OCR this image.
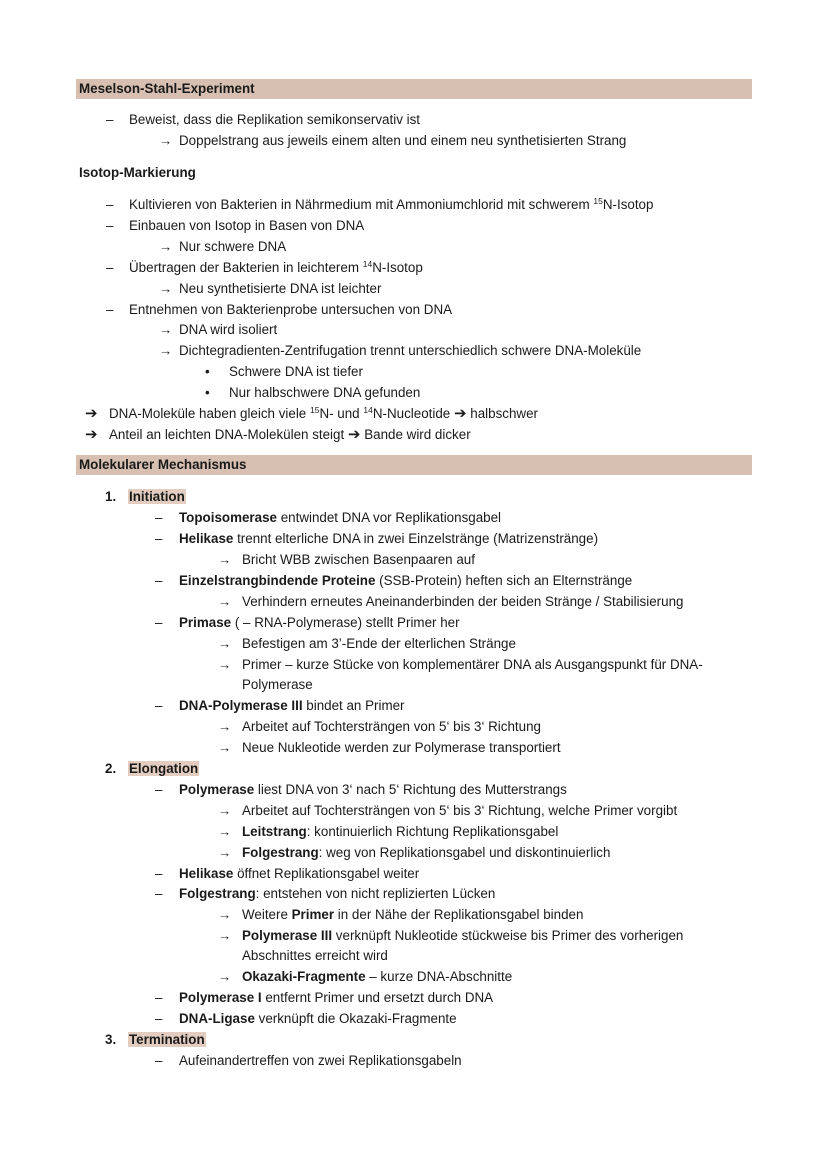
Meselson-Stahl-Experiment
– Beweist, dass die Replikation semikonservativ ist
→ Doppelstrang aus jeweils einem alten und einem neu synthetisierten Strang
Isotop-Markierung
– Kultivieren von Bakterien in Nährmedium mit Ammoniumchlorid mit schwerem $^{15}$N-Isotop
– Einbauen von Isotop in Basen von DNA
→ Nur schwere DNA
– Übertragen der Bakterien in leichterem $^{14}$N-Isotop
→ Neu synthetisierte DNA ist leichter
– Entnehmen von Bakterienprobe untersuchen von DNA
→ DNA wird isoliert
→ Dichtegradienten-Zentrifugation trennt unterschiedlich schwere DNA-Moleküle
• Schwere DNA ist tiefer
• Nur halbschwere DNA gefunden
➔ DNA-Moleküle haben gleich viele $^{15}$N- und $^{14}$N-Nucleotide ➔ halbschwer
➔ Anteil an leichten DNA-Molekülen steigt ➔ Bande wird dicker
Molekularer Mechanismus
1. Initiation
– Topoisomerase entwindet DNA vor Replikationsgabel
– Helikase trennt elterliche DNA in zwei Einzelstränge (Matrizenstränge)
→ Bricht WBB zwischen Basenpaaren auf
– Einzelstrangbindende Proteine (SSB-Protein) heften sich an Elternstränge
→ Verhindern erneutes Aneinanderbinden der beiden Stränge / Stabilisierung
– Primase ( – RNA-Polymerase) stellt Primer her
→ Befestigen am 3’-Ende der elterlichen Stränge
→ Primer – kurze Stücke von komplementärer DNA als Ausgangspunkt für DNA-
Polymerase
– DNA-Polymerase III bindet an Primer
→ Arbeitet auf Tochtersträngen von 5‘ bis 3‘ Richtung
→ Neue Nukleotide werden zur Polymerase transportiert
2. Elongation
– Polymerase liest DNA von 3‘ nach 5‘ Richtung des Mutterstrangs
→ Arbeitet auf Tochtersträngen von 5‘ bis 3‘ Richtung, welche Primer vorgibt
→ Leitstrang: kontinuierlich Richtung Replikationsgabel
→ Folgestrang: weg von Replikationsgabel und diskontinuierlich
– Helikase öffnet Replikationsgabel weiter
– Folgestrang: entstehen von nicht replizierten Lücken
→ Weitere Primer in der Nähe der Replikationsgabel binden
→ Polymerase III verknüpft Nukleotide stückweise bis Primer des vorherigen
Abschnittes erreicht wird
→ Okazaki-Fragmente – kurze DNA-Abschnitte
– Polymerase I entfernt Primer und ersetzt durch DNA
– DNA-Ligase verknüpft die Okazaki-Fragmente
3. Termination
– Aufeinandertreffen von zwei Replikationsgabeln
